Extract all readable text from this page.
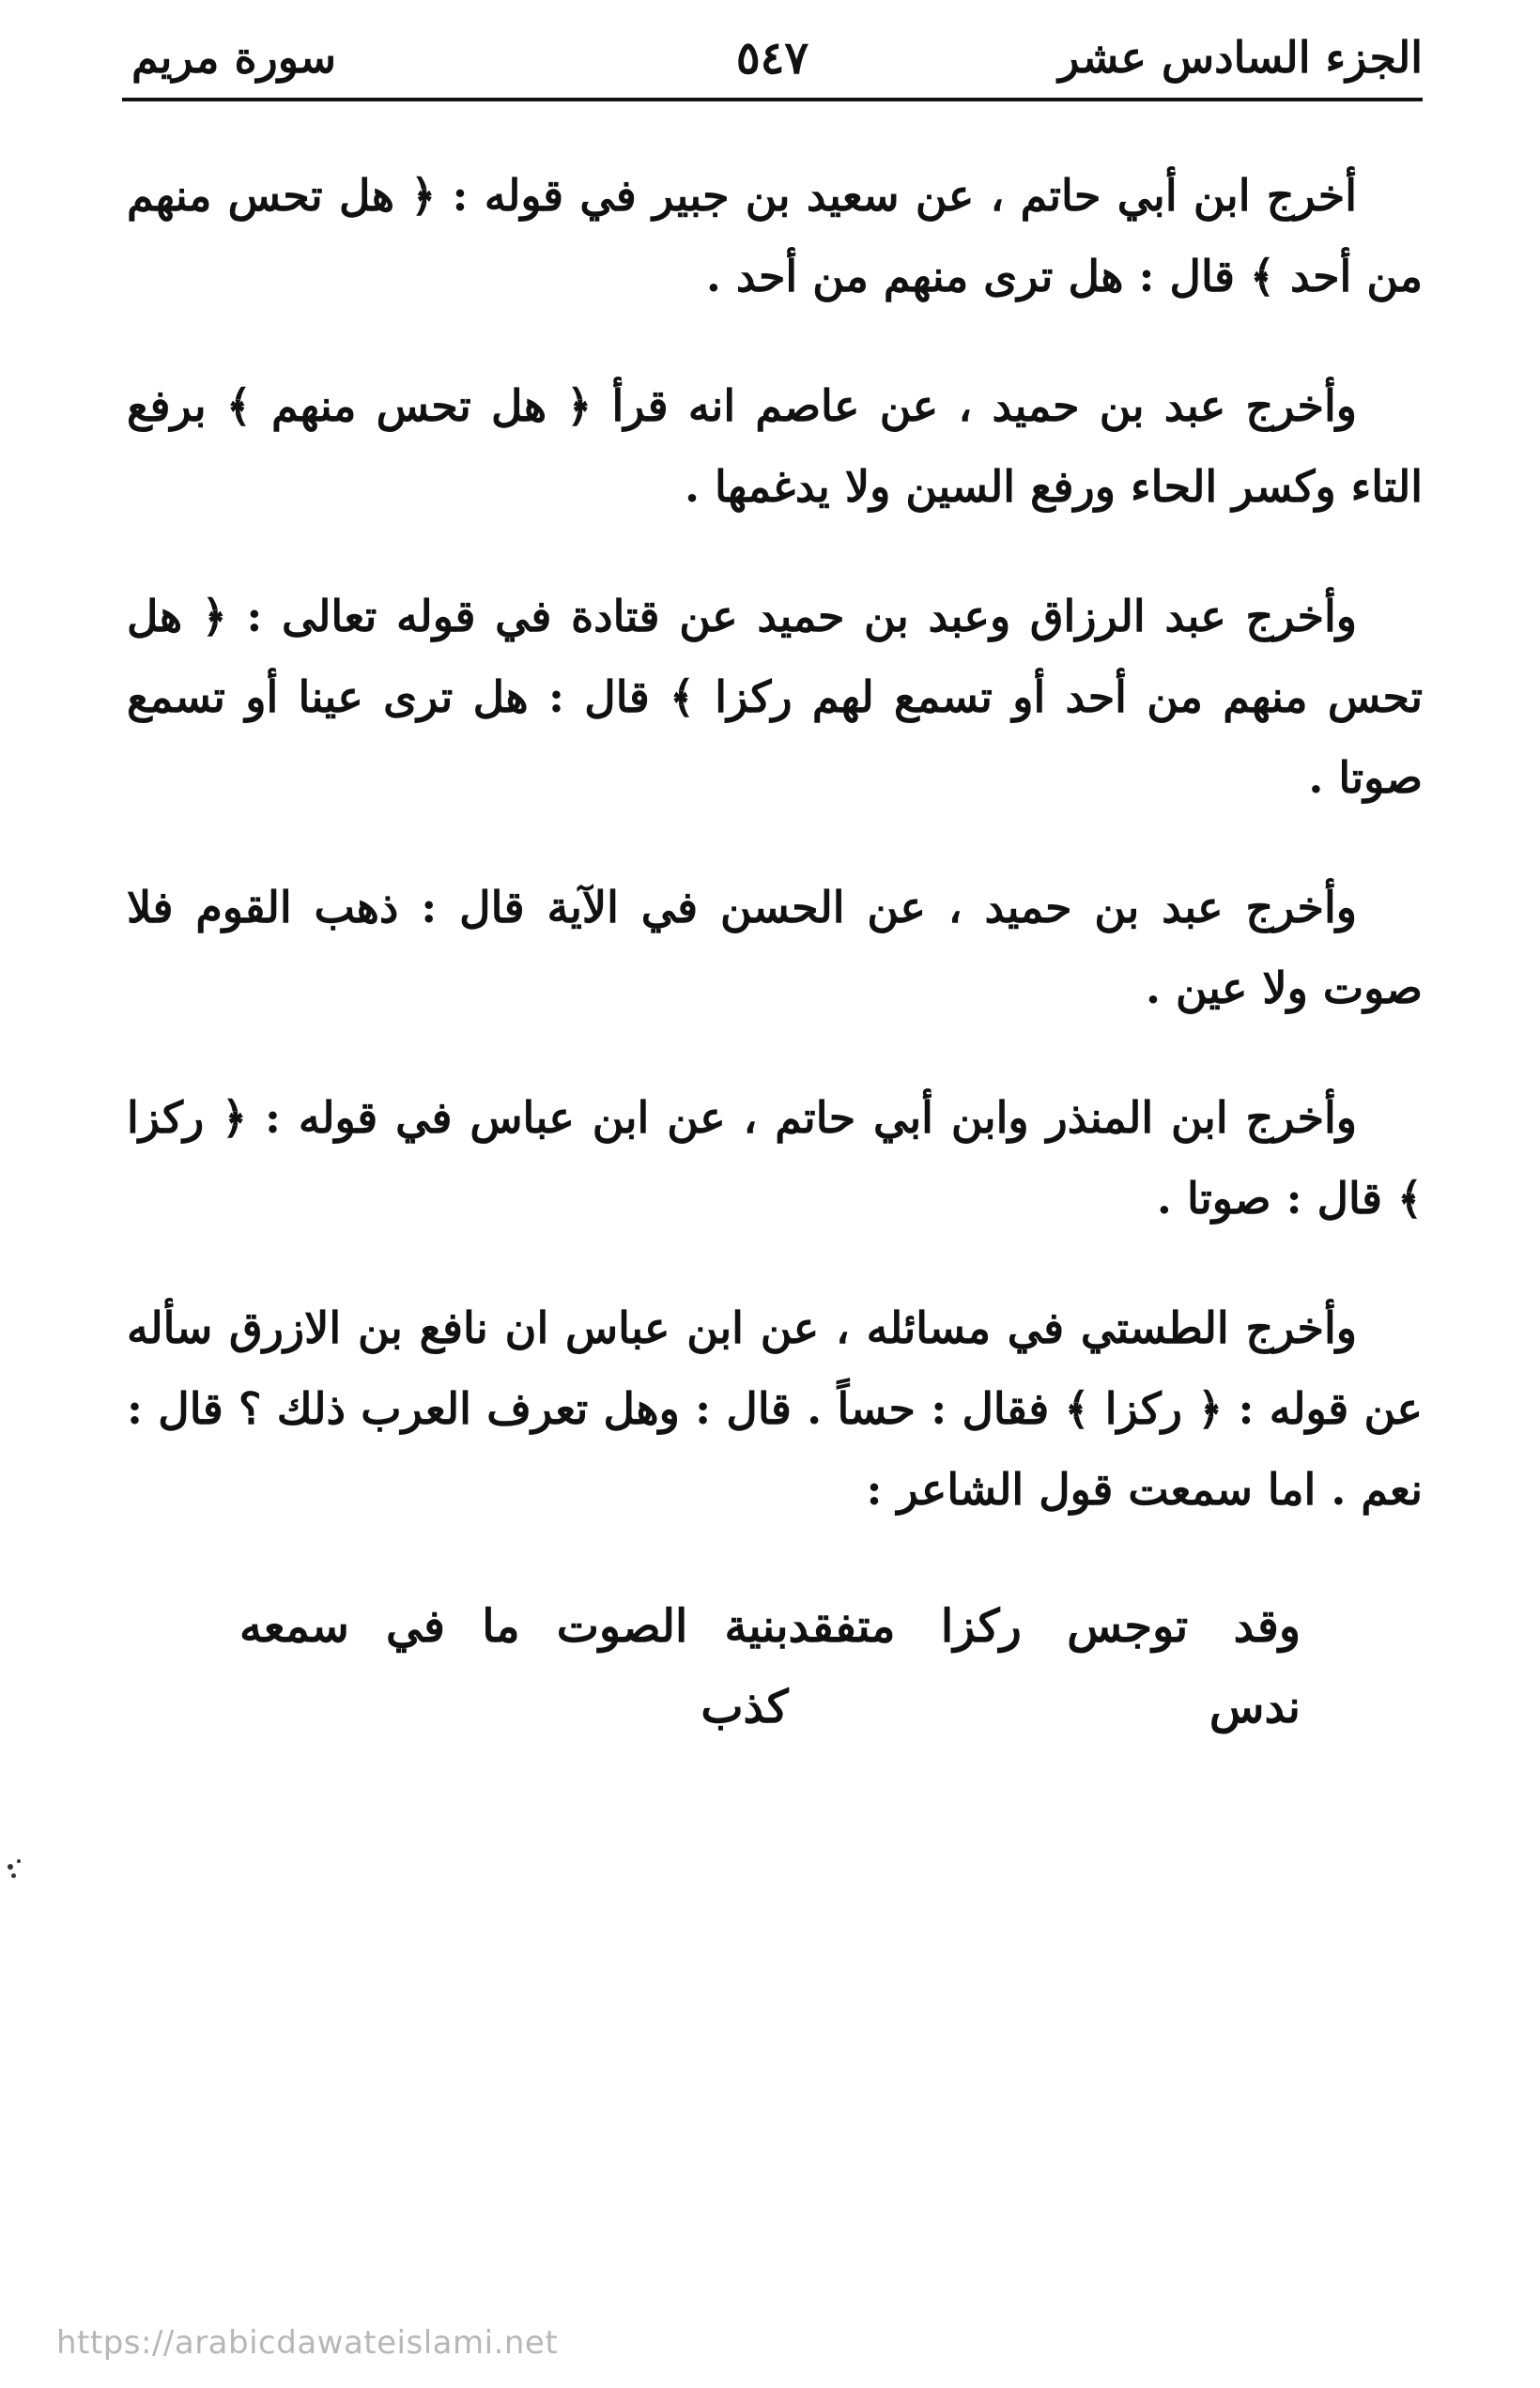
الجزء السادس عشر
٥٤٧
سورة مريم

أخرج ابن أبي حاتم ، عن سعيد بن جبير في قوله : ﴿ هل تحس منهم من أحد ﴾ قال : هل ترى منهم من أحد .

وأخرج عبد بن حميد ، عن عاصم انه قرأ ﴿ هل تحس منهم ﴾ برفع التاء وكسر الحاء ورفع السين ولا يدغمها .

وأخرج عبد الرزاق وعبد بن حميد عن قتادة في قوله تعالى : ﴿ هل تحس منهم من أحد أو تسمع لهم ركزا ﴾ قال : هل ترى عينا أو تسمع صوتا .

وأخرج عبد بن حميد ، عن الحسن في الآية قال : ذهب القوم فلا صوت ولا عين .

وأخرج ابن المنذر وابن أبي حاتم ، عن ابن عباس في قوله : ﴿ ركزا ﴾ قال : صوتا .

وأخرج الطستي في مسائله ، عن ابن عباس ان نافع بن الازرق سأله عن قوله : ﴿ ركزا ﴾ فقال : حساً . قال : وهل تعرف العرب ذلك ؟ قال : نعم . اما سمعت قول الشاعر :

وقد توجس ركزا متفقد ندس
بنية الصوت ما في سمعه كذب
https://arabicdawateislami.net
